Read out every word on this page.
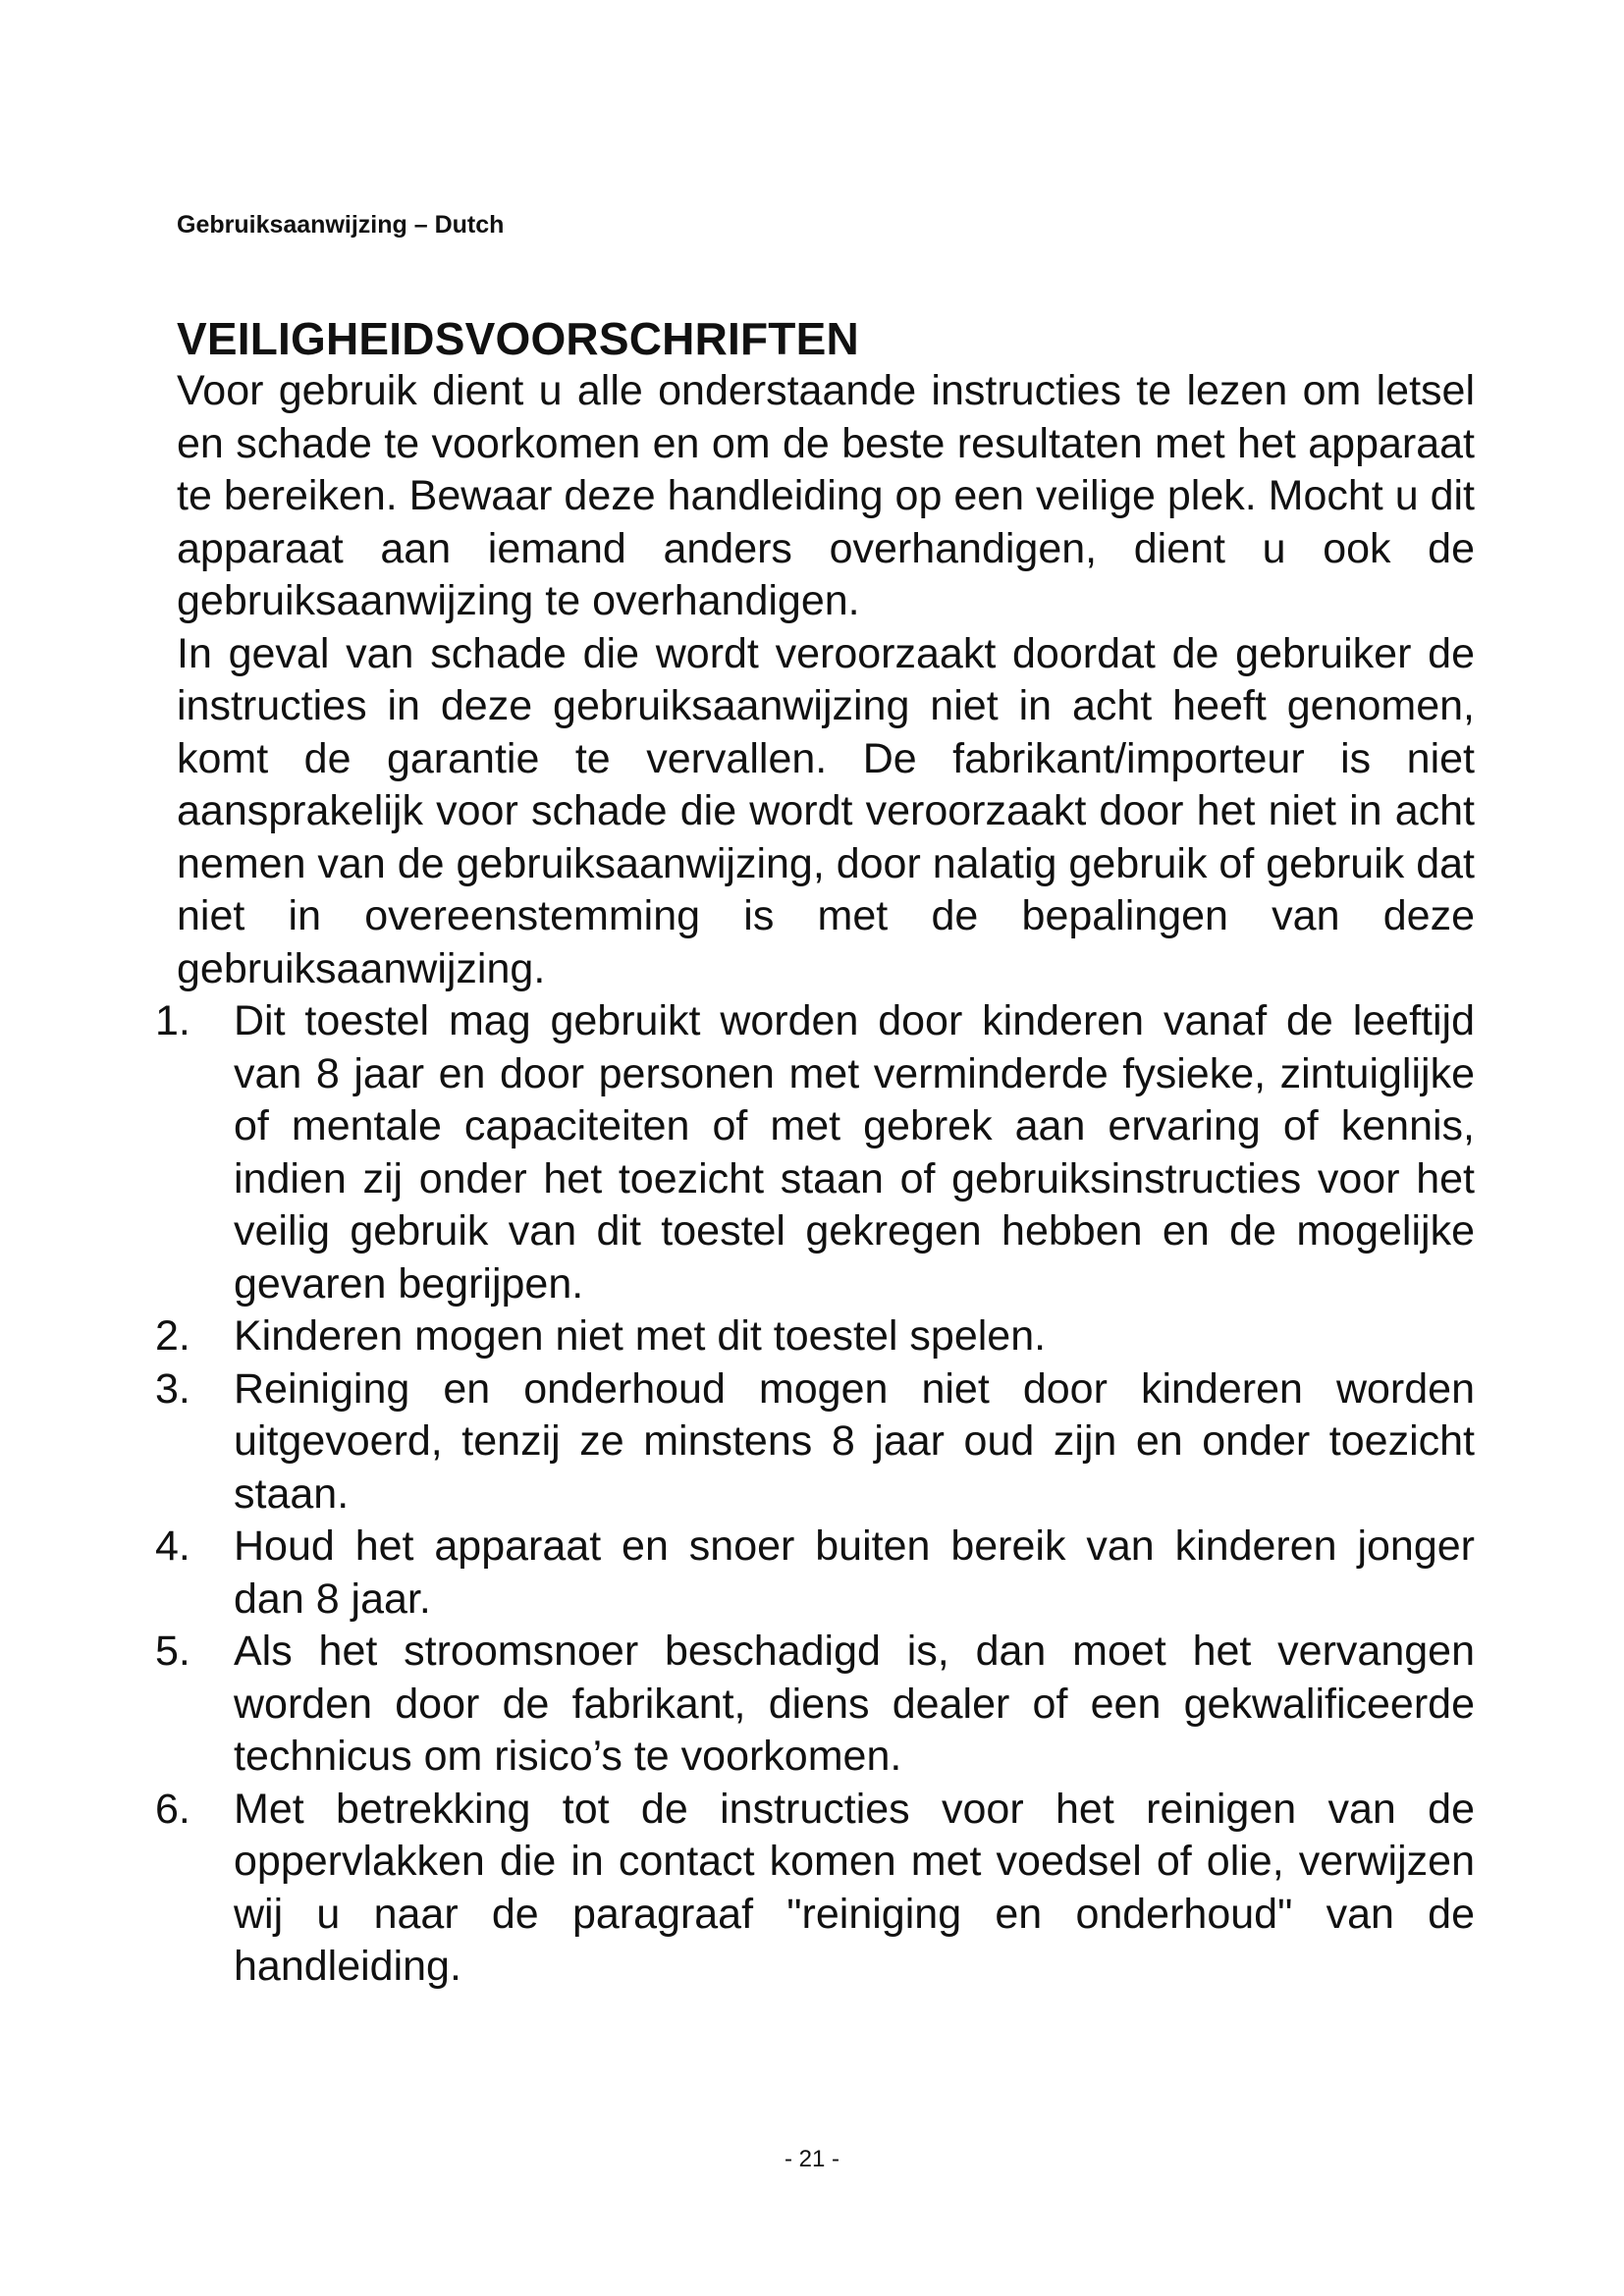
Gebruiksaanwijzing – Dutch
VEILIGHEIDSVOORSCHRIFTEN

Voor gebruik dient u alle onderstaande instructies te lezen om letsel en schade te voorkomen en om de beste resultaten met het apparaat te bereiken. Bewaar deze handleiding op een veilige plek. Mocht u dit apparaat aan iemand anders overhandigen, dient u ook de gebruiksaanwijzing te overhandigen.

In geval van schade die wordt veroorzaakt doordat de gebruiker de instructies in deze gebruiksaanwijzing niet in acht heeft genomen, komt de garantie te vervallen. De fabrikant/importeur is niet aansprakelijk voor schade die wordt veroorzaakt door het niet in acht nemen van de gebruiksaanwijzing, door nalatig gebruik of gebruik dat niet in overeenstemming is met de bepalingen van deze gebruiksaanwijzing.

1.	Dit toestel mag gebruikt worden door kinderen vanaf de leeftijd van 8 jaar en door personen met verminderde fysieke, zintuiglijke of mentale capaciteiten of met gebrek aan ervaring of kennis, indien zij onder het toezicht staan of gebruiksinstructies voor het veilig gebruik van dit toestel gekregen hebben en de mogelijke gevaren begrijpen.
2.	Kinderen mogen niet met dit toestel spelen.
3.	Reiniging en onderhoud mogen niet door kinderen worden uitgevoerd, tenzij ze minstens 8 jaar oud zijn en onder toezicht staan.
4.	Houd het apparaat en snoer buiten bereik van kinderen jonger dan 8 jaar.
5.	Als het stroomsnoer beschadigd is, dan moet het vervangen worden door de fabrikant, diens dealer of een gekwalificeerde technicus om risico’s te voorkomen.
6.	Met betrekking tot de instructies voor het reinigen van de oppervlakken die in contact komen met voedsel of olie, verwijzen wij u naar de paragraaf "reiniging en onderhoud" van de handleiding.
- 21 -
